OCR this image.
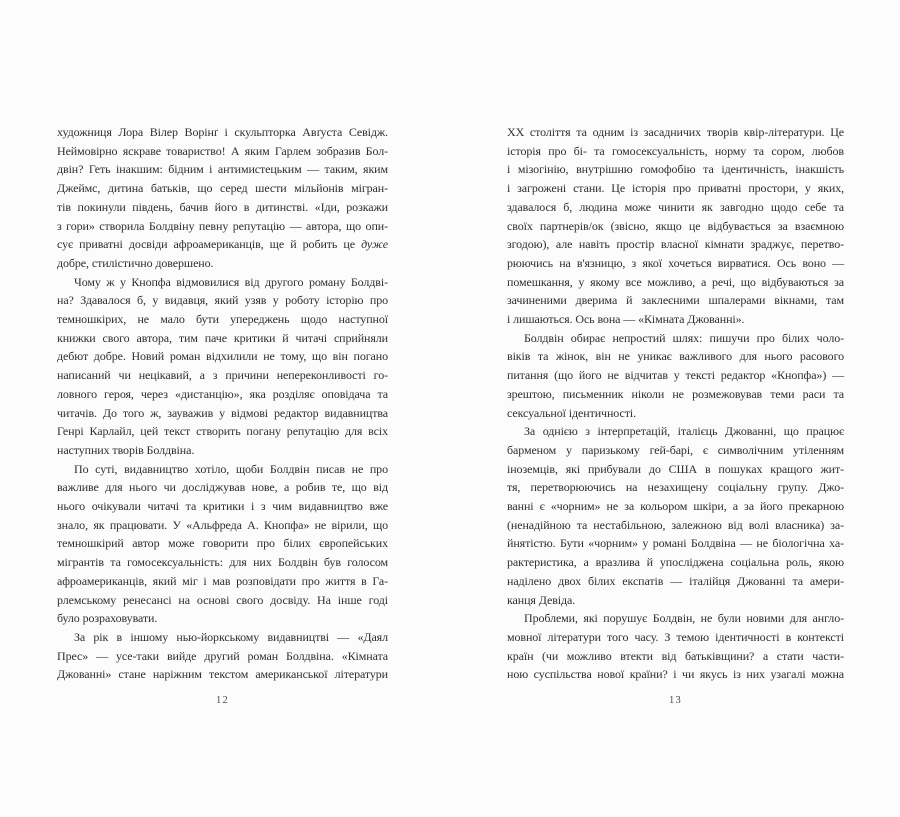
художниця Лора Вілер Ворінґ і скульпторка Авґуста Севідж.
Неймовірно яскраве товариство! А яким Гарлем зобразив Бол-
двін? Геть інакшим: бідним і антимистецьким — таким, яким
Джеймс, дитина батьків, що серед шести мільйонів мігран-
тів покинули південь, бачив його в дитинстві. «Іди, розкажи
з гори» створила Болдвіну певну репутацію — автора, що опи-
сує приватні досвіди афроамериканців, ще й робить це дуже
добре, стилістично довершено.
Чому ж у Кнопфа відмовилися від другого роману Болдві-
на? Здавалося б, у видавця, який узяв у роботу історію про
темношкірих, не мало бути упереджень щодо наступної
книжки свого автора, тим паче критики й читачі сприйняли
дебют добре. Новий роман відхилили не тому, що він погано
написаний чи нецікавий, а з причини непереконливості го-
ловного героя, через «дистанцію», яка розділяє оповідача та
читачів. До того ж, зауважив у відмові редактор видавництва
Генрі Карлайл, цей текст створить погану репутацію для всіх
наступних творів Болдвіна.
По суті, видавництво хотіло, щоби Болдвін писав не про
важливе для нього чи досліджував нове, а робив те, що від
нього очікували читачі та критики і з чим видавництво вже
знало, як працювати. У «Альфреда А. Кнопфа» не вірили, що
темношкірий автор може говорити про білих європейських
мігрантів та гомосексуальність: для них Болдвін був голосом
афроамериканців, який міг і мав розповідати про життя в Га-
рлемському ренесансі на основі свого досвіду. На інше годі
було розраховувати.
За рік в іншому нью-йоркському видавництві — «Даял
Прес» — усе-таки вийде другий роман Болдвіна. «Кімната
Джованні» стане наріжним текстом американської літератури
ХХ століття та одним із засадничих творів квір-літератури. Це
історія про бі- та гомосексуальність, норму та сором, любов
і мізогінію, внутрішню гомофобію та ідентичність, інакшість
і загрожені стани. Це історія про приватні простори, у яких,
здавалося б, людина може чинити як завгодно щодо себе та
своїх партнерів/ок (звісно, якщо це відбувається за взаємною
згодою), але навіть простір власної кімнати зраджує, перетво-
рюючись на в'язницю, з якої хочеться вирватися. Ось воно —
помешкання, у якому все можливо, а речі, що відбуваються за
зачиненими дверима й заклеєними шпалерами вікнами, там
і лишаються. Ось вона — «Кімната Джованні».
Болдвін обирає непростий шлях: пишучи про білих чоло-
віків та жінок, він не уникає важливого для нього расового
питання (що його не відчитав у тексті редактор «Кнопфа») —
зрештою, письменник ніколи не розмежовував теми раси та
сексуальної ідентичності.
За однією з інтерпретацій, італієць Джованні, що працює
барменом у паризькому гей-барі, є символічним утіленням
іноземців, які прибували до США в пошуках кращого жит-
тя, перетворюючись на незахищену соціальну групу. Джо-
ванні є «чорним» не за кольором шкіри, а за його прекарною
(ненадійною та нестабільною, залежною від волі власника) за-
йнятістю. Бути «чорним» у романі Болдвіна — не біологічна ха-
рактеристика, а вразлива й упосліджена соціальна роль, якою
наділено двох білих експатів — італійця Джованні та амери-
канця Девіда.
Проблеми, які порушує Болдвін, не були новими для англо-
мовної літератури того часу. З темою ідентичності в контексті
країн (чи можливо втекти від батьківщини? а стати части-
ною суспільства нової країни? і чи якусь із них узагалі можна
12	13
